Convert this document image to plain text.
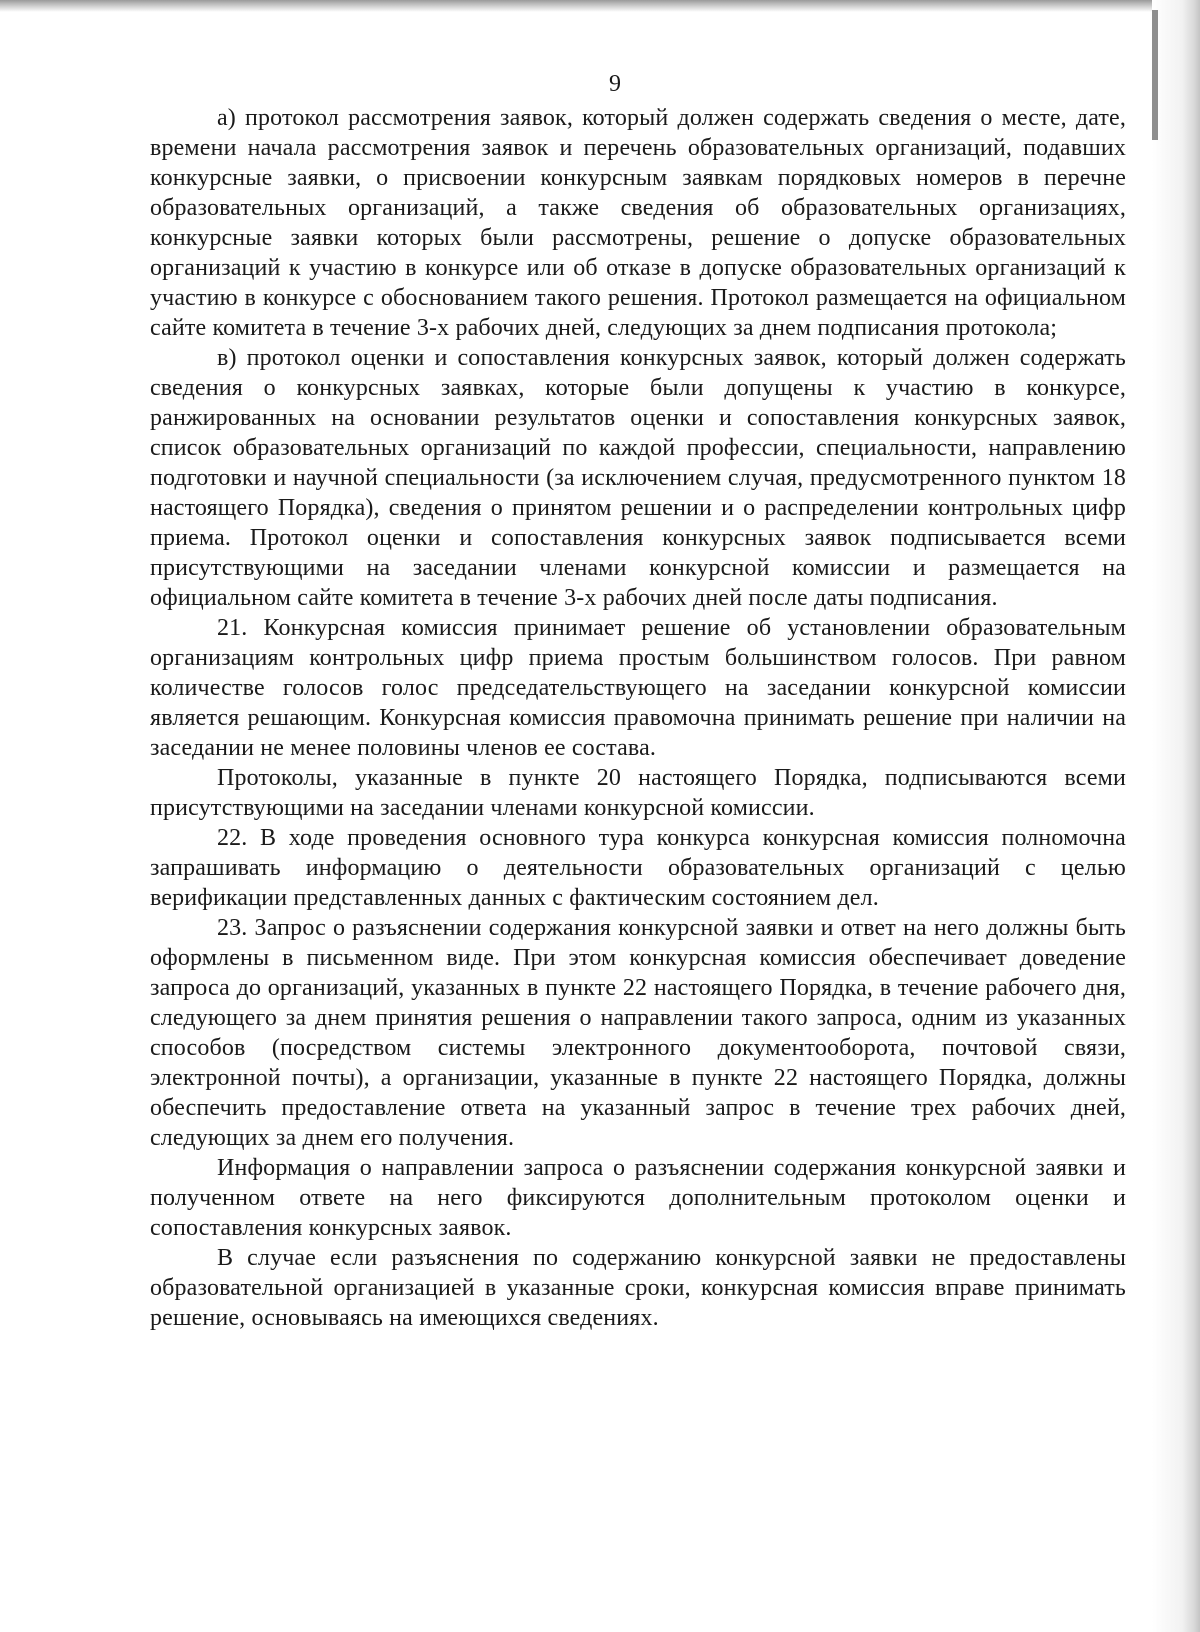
9

а) протокол рассмотрения заявок, который должен содержать сведения о месте, дате, времени начала рассмотрения заявок и перечень образовательных организаций, подавших конкурсные заявки, о присвоении конкурсным заявкам порядковых номеров в перечне образовательных организаций, а также сведения об образовательных организациях, конкурсные заявки которых были рассмотрены, решение о допуске образовательных организаций к участию в конкурсе или об отказе в допуске образовательных организаций к участию в конкурсе с обоснованием такого решения. Протокол размещается на официальном сайте комитета в течение 3-х рабочих дней, следующих за днем подписания протокола;

в) протокол оценки и сопоставления конкурсных заявок, который должен содержать сведения о конкурсных заявках, которые были допущены к участию в конкурсе, ранжированных на основании результатов оценки и сопоставления конкурсных заявок, список образовательных организаций по каждой профессии, специальности, направлению подготовки и научной специальности (за исключением случая, предусмотренного пунктом 18 настоящего Порядка), сведения о принятом решении и о распределении контрольных цифр приема. Протокол оценки и сопоставления конкурсных заявок подписывается всеми присутствующими на заседании членами конкурсной комиссии и размещается на официальном сайте комитета в течение 3-х рабочих дней после даты подписания.

21. Конкурсная комиссия принимает решение об установлении образовательным организациям контрольных цифр приема простым большинством голосов. При равном количестве голосов голос председательствующего на заседании конкурсной комиссии является решающим. Конкурсная комиссия правомочна принимать решение при наличии на заседании не менее половины членов ее состава.

Протоколы, указанные в пункте 20 настоящего Порядка, подписываются всеми присутствующими на заседании членами конкурсной комиссии.

22. В ходе проведения основного тура конкурса конкурсная комиссия полномочна запрашивать информацию о деятельности образовательных организаций с целью верификации представленных данных с фактическим состоянием дел.

23. Запрос о разъяснении содержания конкурсной заявки и ответ на него должны быть оформлены в письменном виде. При этом конкурсная комиссия обеспечивает доведение запроса до организаций, указанных в пункте 22 настоящего Порядка, в течение рабочего дня, следующего за днем принятия решения о направлении такого запроса, одним из указанных способов (посредством системы электронного документооборота, почтовой связи, электронной почты), а организации, указанные в пункте 22 настоящего Порядка, должны обеспечить предоставление ответа на указанный запрос в течение трех рабочих дней, следующих за днем его получения.

Информация о направлении запроса о разъяснении содержания конкурсной заявки и полученном ответе на него фиксируются дополнительным протоколом оценки и сопоставления конкурсных заявок.

В случае если разъяснения по содержанию конкурсной заявки не предоставлены образовательной организацией в указанные сроки, конкурсная комиссия вправе принимать решение, основываясь на имеющихся сведениях.
